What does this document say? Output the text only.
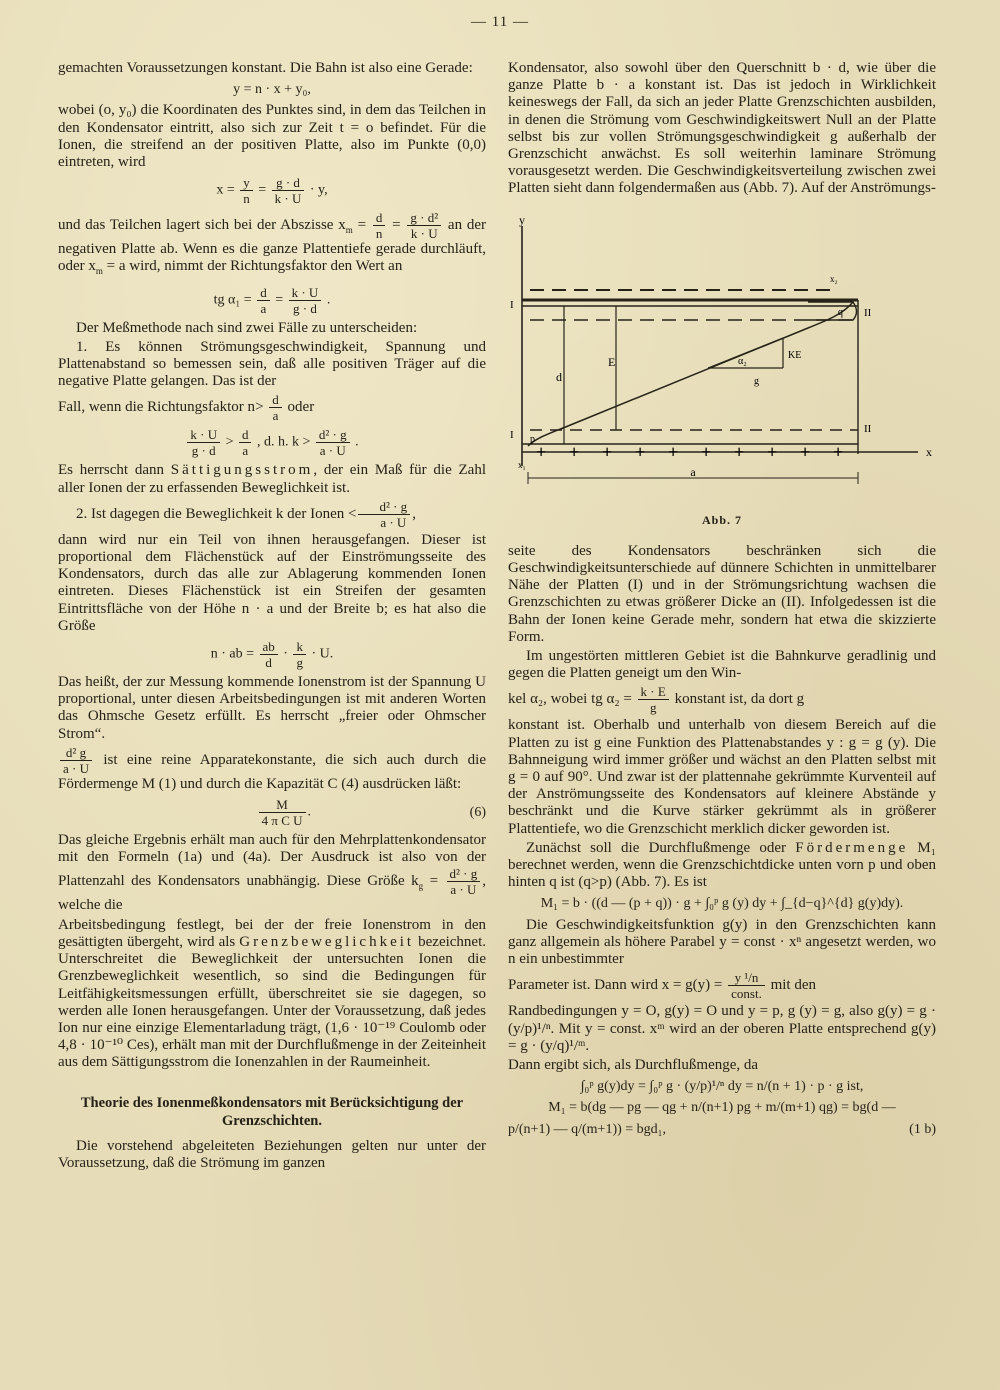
— 11 —

gemachten Voraussetzungen konstant. Die Bahn ist also eine Gerade:

y = n · x + y₀,

wobei (o, y₀) die Koordinaten des Punktes sind, in dem das Teilchen in den Kondensator eintritt, also sich zur Zeit t = o befindet. Für die Ionen, die streifend an der positiven Platte, also im Punkte (0,0) eintreten, wird

$x = \frac{y}{n} = \frac{g \cdot d}{k \cdot U} \cdot y$,

und das Teilchen lagert sich bei der Abszisse $x_m = \frac{d}{n} = \frac{\text{g · d²}}{k \cdot U}$ an der negativen Platte ab. Wenn es die ganze Plattentiefe gerade durchläuft, oder $x_m = a$ wird, nimmt der Richtungsfaktor den Wert an

tg $\alpha_1 = \frac{d}{a} = \frac{k \cdot U}{g \cdot d}$ .

Der Meßmethode nach sind zwei Fälle zu unterscheiden:

1. Es können Strömungsgeschwindigkeit, Spannung und Plattenabstand so bemessen sein, daß alle positiven Träger auf die negative Platte gelangen. Das ist der

Fall, wenn die Richtungsfaktor $n> \frac{d}{a}$ oder

$\frac{k \cdot U}{g \cdot d} > \frac{d}{a}$ , d. h. $k > \frac{\text{d² · g}}{a \cdot U}$ .

Es herrscht dann Sättigungsstrom, der ein Maß für die Zahl aller Ionen der zu erfassenden Beweglichkeit ist.

2. Ist dagegen die Beweglichkeit k der Ionen < $\frac{\text{d² · g}}{a \cdot U}$ ,

dann wird nur ein Teil von ihnen herausgefangen. Dieser ist proportional dem Flächenstück auf der Einströmungsseite des Kondensators, durch das alle zur Ablagerung kommenden Ionen eintreten. Dieses Flächenstück ist ein Streifen der gesamten Eintrittsfläche von der Höhe n · a und der Breite b; es hat also die Größe

n · ab = $\frac{ab}{d} \cdot \frac{k}{g} \cdot U$.

Das heißt, der zur Messung kommende Ionenstrom ist der Spannung U proportional, unter diesen Arbeitsbedingungen ist mit anderen Worten das Ohmsche Gesetz erfüllt. Es herrscht „freier oder Ohmscher Strom“.

$\frac{\text{d² g}}{a \cdot U}$ ist eine reine Apparatekonstante, die sich auch durch die Fördermenge M (1) und durch die Kapazität C (4) ausdrücken läßt:

$\frac{M}{\text{4 π C U}}$ .	(6)

Das gleiche Ergebnis erhält man auch für den Mehrplattenkondensator mit den Formeln (1a) und (4a). Der Ausdruck ist also von der Plattenzahl des Kondensators unabhängig. Diese Größe $k_g = \frac{\text{d² · g}}{a \cdot U}$ , welche die

Arbeitsbedingung festlegt, bei der der freie Ionenstrom in den gesättigten übergeht, wird als Grenzbeweglichkeit bezeichnet. Unterschreitet die Beweglichkeit der untersuchten Ionen die Grenzbeweglichkeit wesentlich, so sind die Bedingungen für Leitfähigkeitsmessungen erfüllt, überschreitet sie sie dagegen, so werden alle Ionen herausgefangen. Unter der Voraussetzung, daß jedes Ion nur eine einzige Elementarladung trägt, (1,6 · 10⁻¹⁹ Coulomb oder 4,8 · 10⁻¹⁰ Ces), erhält man mit der Durchflußmenge in der Zeiteinheit aus dem Sättigungsstrom die Ionenzahlen in der Raumeinheit.

Theorie des Ionenmeßkondensators mit Berücksichtigung der Grenzschichten.

Die vorstehend abgeleiteten Beziehungen gelten nur unter der Voraussetzung, daß die Strömung im ganzen

Kondensator, also sowohl über den Querschnitt b · d, wie über die ganze Platte b · a konstant ist. Das ist jedoch in Wirklichkeit keineswegs der Fall, da sich an jeder Platte Grenzschichten ausbilden, in denen die Strömung vom Geschwindigkeitswert Null an der Platte selbst bis zur vollen Strömungsgeschwindigkeit g außerhalb der Grenzschicht anwächst. Es soll weiterhin laminare Strömung vorausgesetzt werden. Die Geschwindigkeitsverteilung zwischen zwei Platten sieht dann folgendermaßen aus (Abb. 7). Auf der Anströmungs-

y
x
d
E	α₂
KE
g
I
I
II
II
x₂
q
p
x₁
+ + + + + + + + + +
a
Abb. 7

seite des Kondensators beschränken sich die Geschwindigkeitsunterschiede auf dünnere Schichten in unmittelbarer Nähe der Platten (I) und in der Strömungsrichtung wachsen die Grenzschichten zu etwas größerer Dicke an (II). Infolgedessen ist die Bahn der Ionen keine Gerade mehr, sondern hat etwa die skizzierte Form.

Im ungestörten mittleren Gebiet ist die Bahnkurve geradlinig und gegen die Platten geneigt um den Win-

kel α₂, wobei tg $\alpha_2 = \frac{k \cdot E}{g}$ konstant ist, da dort g

konstant ist. Oberhalb und unterhalb von diesem Bereich auf die Platten zu ist g eine Funktion des Plattenabstandes y : g = g (y). Die Bahnneigung wird immer größer und wächst an den Platten selbst mit g = 0 auf 90°. Und zwar ist der plattennahe gekrümmte Kurventeil auf der Anströmungsseite des Kondensators auf kleinere Abstände y beschränkt und die Kurve stärker gekrümmt als in größerer Plattentiefe, wo die Grenzschicht merklich dicker geworden ist.

Zunächst soll die Durchflußmenge oder Fördermenge M₁ berechnet werden, wenn die Grenzschichtdicke unten vorn p und oben hinten q ist (q>p) (Abb. 7). Es ist

M₁ = b · ((d — (p + q)) · g + ∫₀ᵖ g (y) dy + ∫_{d−q}^{d} g(y)dy).

Die Geschwindigkeitsfunktion g(y) in den Grenzschichten kann ganz allgemein als höhere Parabel y = const · xⁿ angesetzt werden, wo n ein unbestimmter

Parameter ist. Dann wird $x = g(y) = \frac{\text{y ¹/n}}{\text{const.}}$ mit den

Randbedingungen y = O, g(y) = O und y = p, g (y) = g, also g(y) = g · (y/p)¹/ⁿ. Mit y = const. xᵐ wird an der oberen Platte entsprechend g(y) = g · (y/q)¹/ᵐ.

Dann ergibt sich, als Durchflußmenge, da

∫₀ᵖ g(y)dy = ∫₀ᵖ g · (y/p)¹/ⁿ dy = n/(n + 1) · p · g ist,
M₁ = b(dg — pg — qg + n/(n+1) pg + m/(m+1) qg) = bg(d —
p/(n+1) — q/(m+1)) = bgd₁,	(1 b)
